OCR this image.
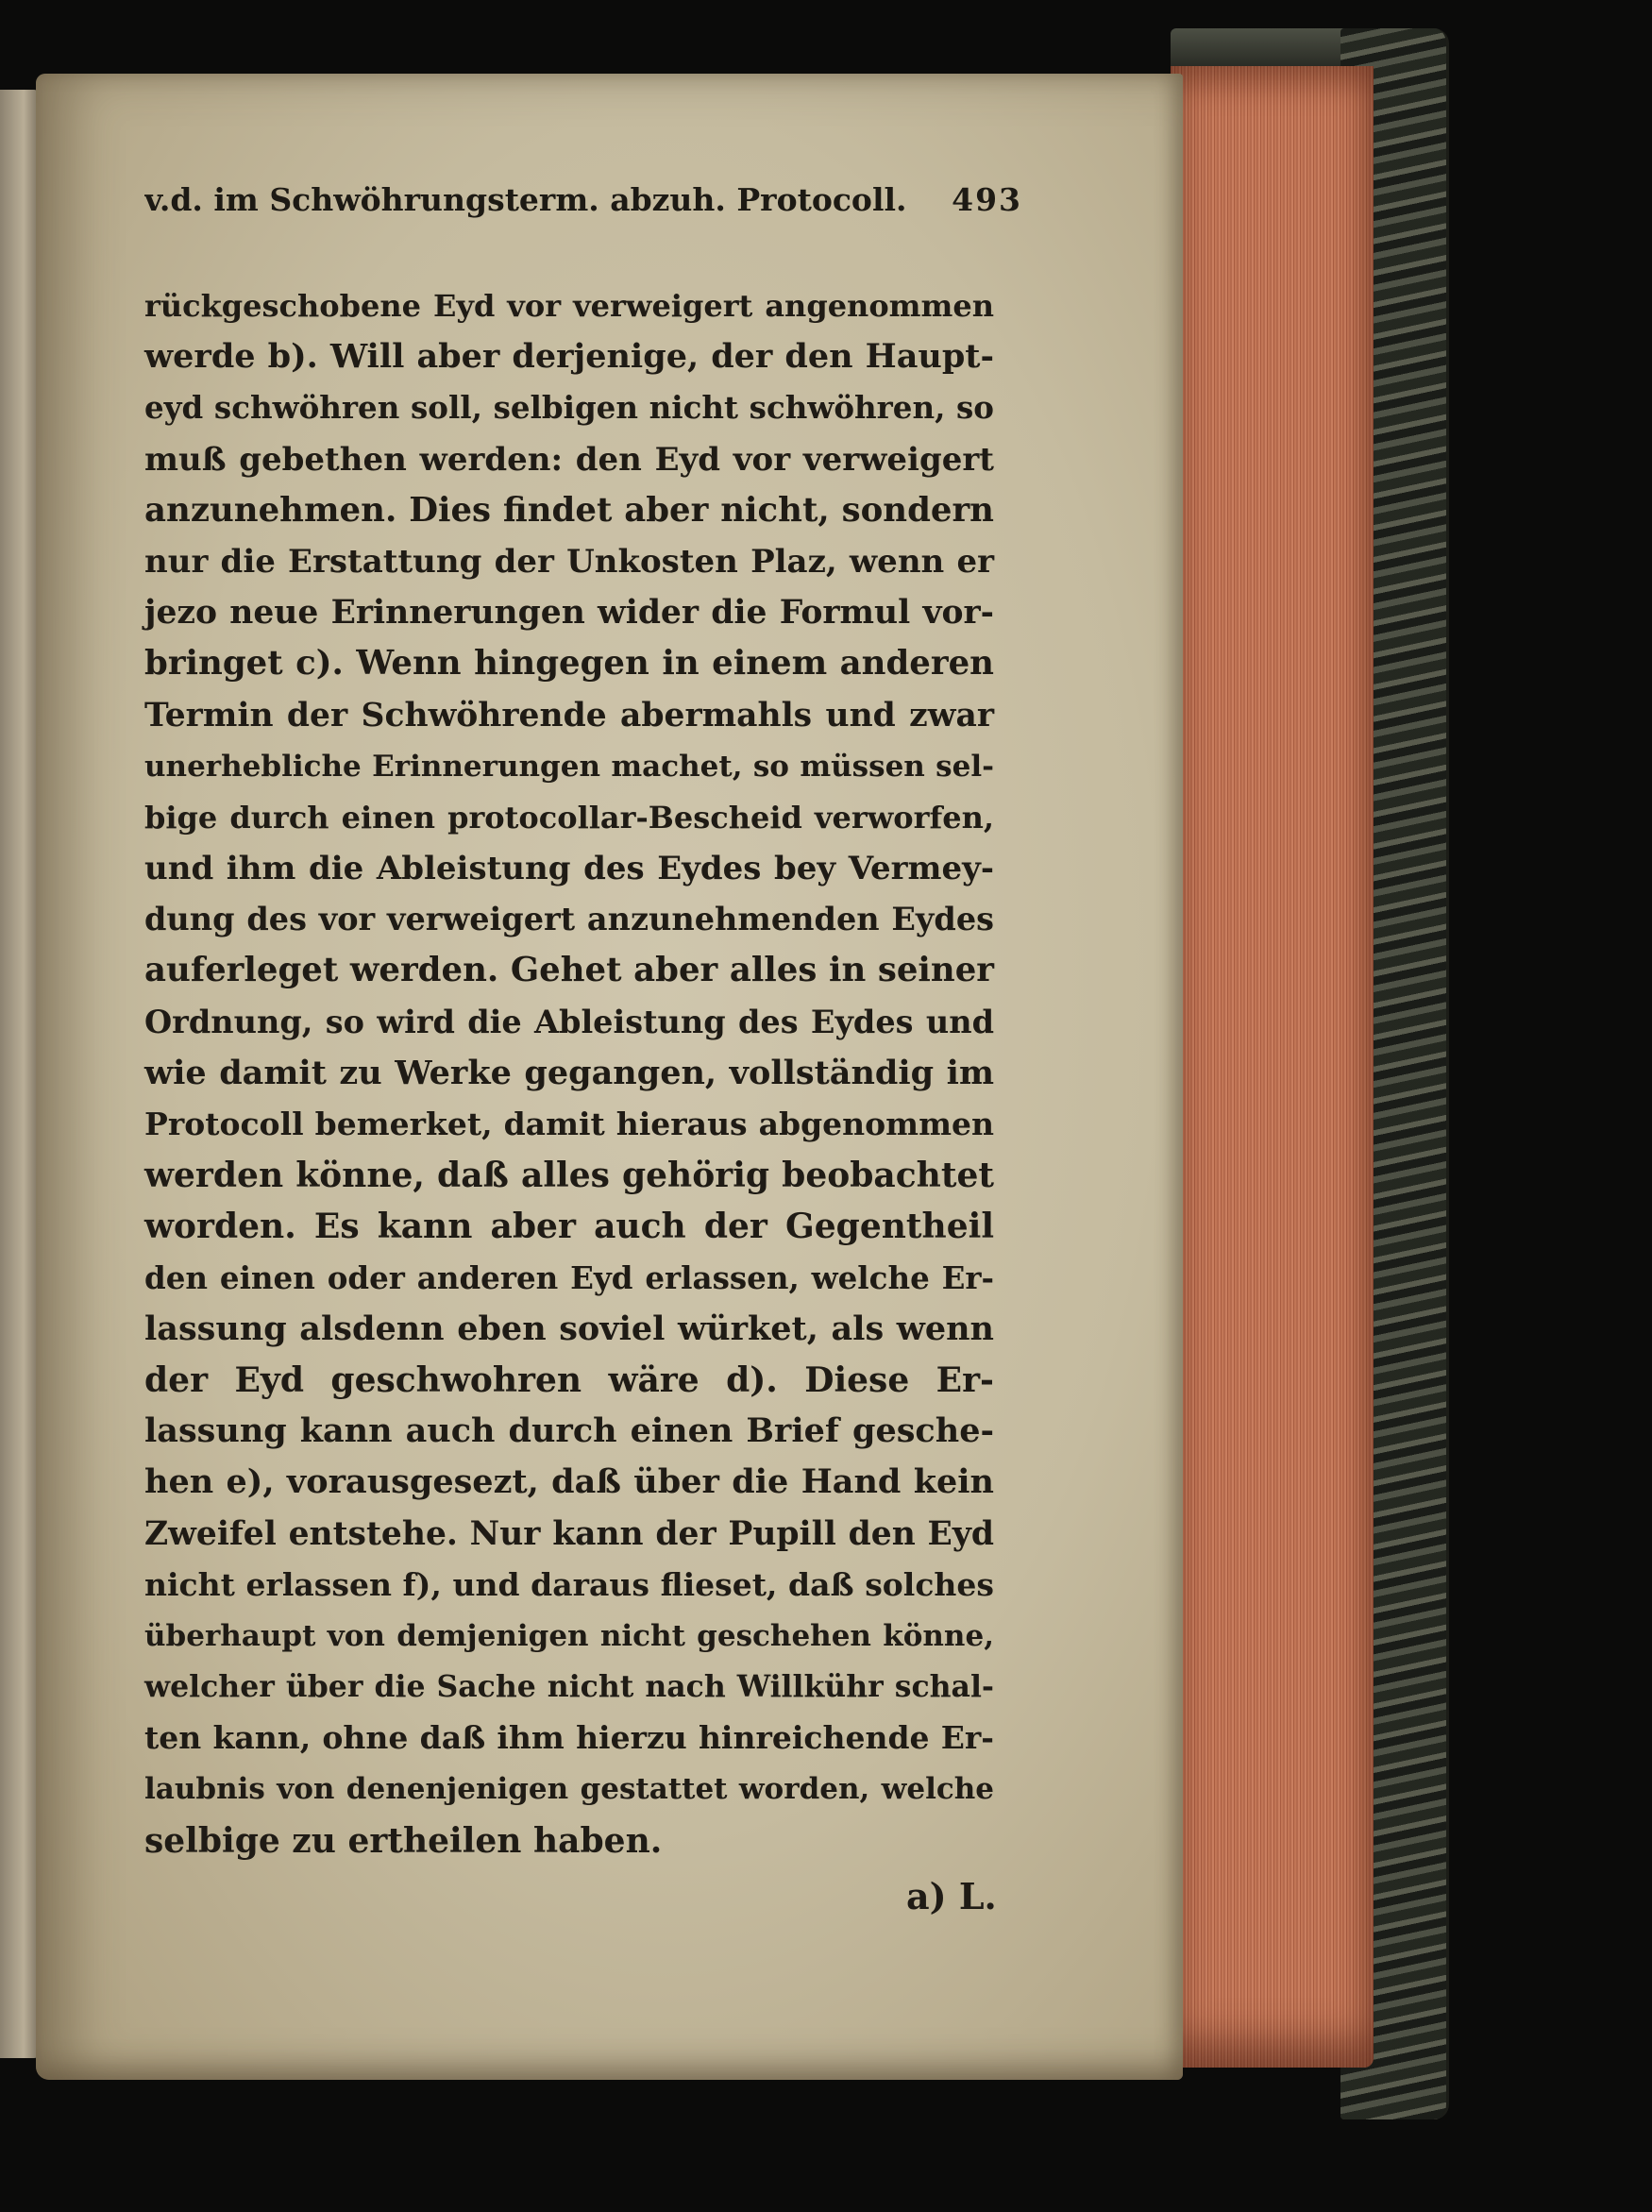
v.d. im Schwöhrungsterm. abzuh. Protocoll. 493
rückgeschobene Eyd vor verweigert angenommen
werde b). Will aber derjenige, der den Haupt-
eyd schwöhren soll, selbigen nicht schwöhren, so
muß gebethen werden: den Eyd vor verweigert
anzunehmen. Dies findet aber nicht, sondern
nur die Erstattung der Unkosten Plaz, wenn er
jezo neue Erinnerungen wider die Formul vor-
bringet c). Wenn hingegen in einem anderen
Termin der Schwöhrende abermahls und zwar
unerhebliche Erinnerungen machet, so müssen sel-
bige durch einen protocollar-Bescheid verworfen,
und ihm die Ableistung des Eydes bey Vermey-
dung des vor verweigert anzunehmenden Eydes
auferleget werden. Gehet aber alles in seiner
Ordnung, so wird die Ableistung des Eydes und
wie damit zu Werke gegangen, vollständig im
Protocoll bemerket, damit hieraus abgenommen
werden könne, daß alles gehörig beobachtet
worden. Es kann aber auch der Gegentheil
den einen oder anderen Eyd erlassen, welche Er-
lassung alsdenn eben soviel würket, als wenn
der Eyd geschwohren wäre d). Diese Er-
lassung kann auch durch einen Brief gesche-
hen e), vorausgesezt, daß über die Hand kein
Zweifel entstehe. Nur kann der Pupill den Eyd
nicht erlassen f), und daraus flieset, daß solches
überhaupt von demjenigen nicht geschehen könne,
welcher über die Sache nicht nach Willkühr schal-
ten kann, ohne daß ihm hierzu hinreichende Er-
laubnis von denenjenigen gestattet worden, welche
selbige zu ertheilen haben.
a) L.
